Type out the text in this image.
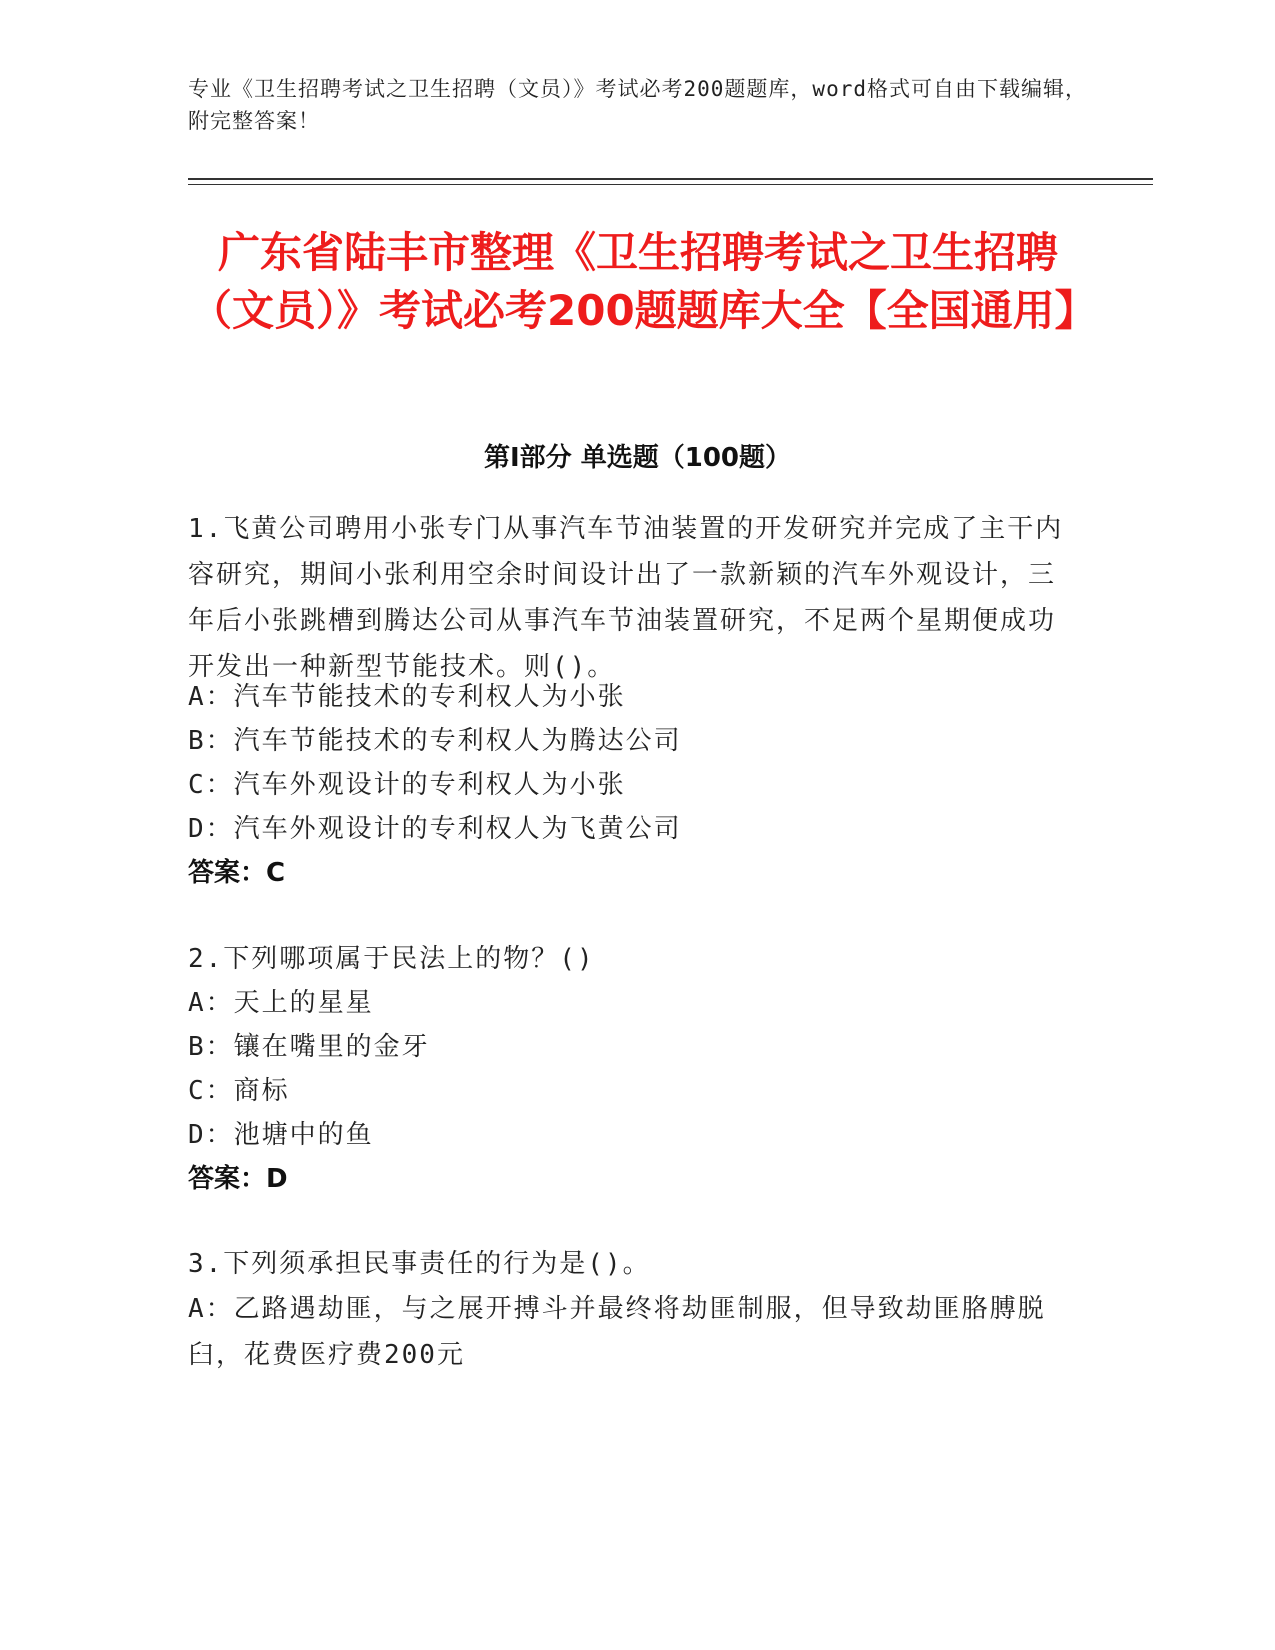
专业《卫生招聘考试之卫生招聘（文员）》考试必考200题题库，word格式可自由下载编辑，附完整答案！
广东省陆丰市整理《卫生招聘考试之卫生招聘（文员）》考试必考200题题库大全【全国通用】
第Ⅰ部分 单选题（100题）
1.飞黄公司聘用小张专门从事汽车节油装置的开发研究并完成了主干内容研究，期间小张利用空余时间设计出了一款新颖的汽车外观设计，三年后小张跳槽到腾达公司从事汽车节油装置研究，不足两个星期便成功开发出一种新型节能技术。则()。
A：汽车节能技术的专利权人为小张
B：汽车节能技术的专利权人为腾达公司
C：汽车外观设计的专利权人为小张
D：汽车外观设计的专利权人为飞黄公司
答案：C
2.下列哪项属于民法上的物？()
A：天上的星星
B：镶在嘴里的金牙
C：商标
D：池塘中的鱼
答案：D
3.下列须承担民事责任的行为是()。
A：乙路遇劫匪，与之展开搏斗并最终将劫匪制服，但导致劫匪胳膊脱臼，花费医疗费200元
